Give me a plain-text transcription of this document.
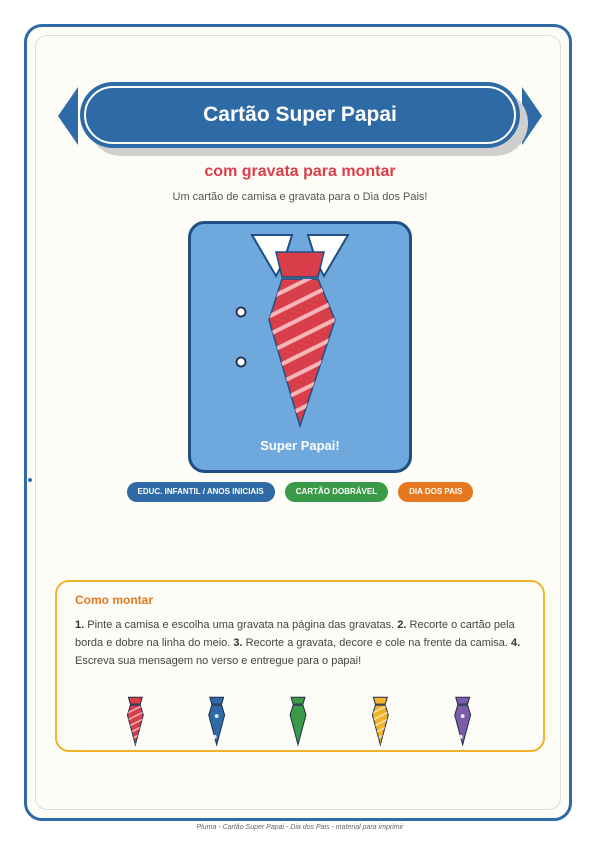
Cartão Super Papai
com gravata para montar
Um cartão de camisa e gravata para o Dia dos Pais!
Super Papai!
EDUC. INFANTIL / ANOS INICIAIS	CARTÃO DOBRÁVEL	DIA DOS PAIS
Como montar
1. Pinte a camisa e escolha uma gravata na página das gravatas. 2. Recorte o cartão pela borda e dobre na linha do meio. 3. Recorte a gravata, decore e cole na frente da camisa. 4. Escreva sua mensagem no verso e entregue para o papai!
Pluma - Cartão Super Papai - Dia dos Pais - material para imprimir
